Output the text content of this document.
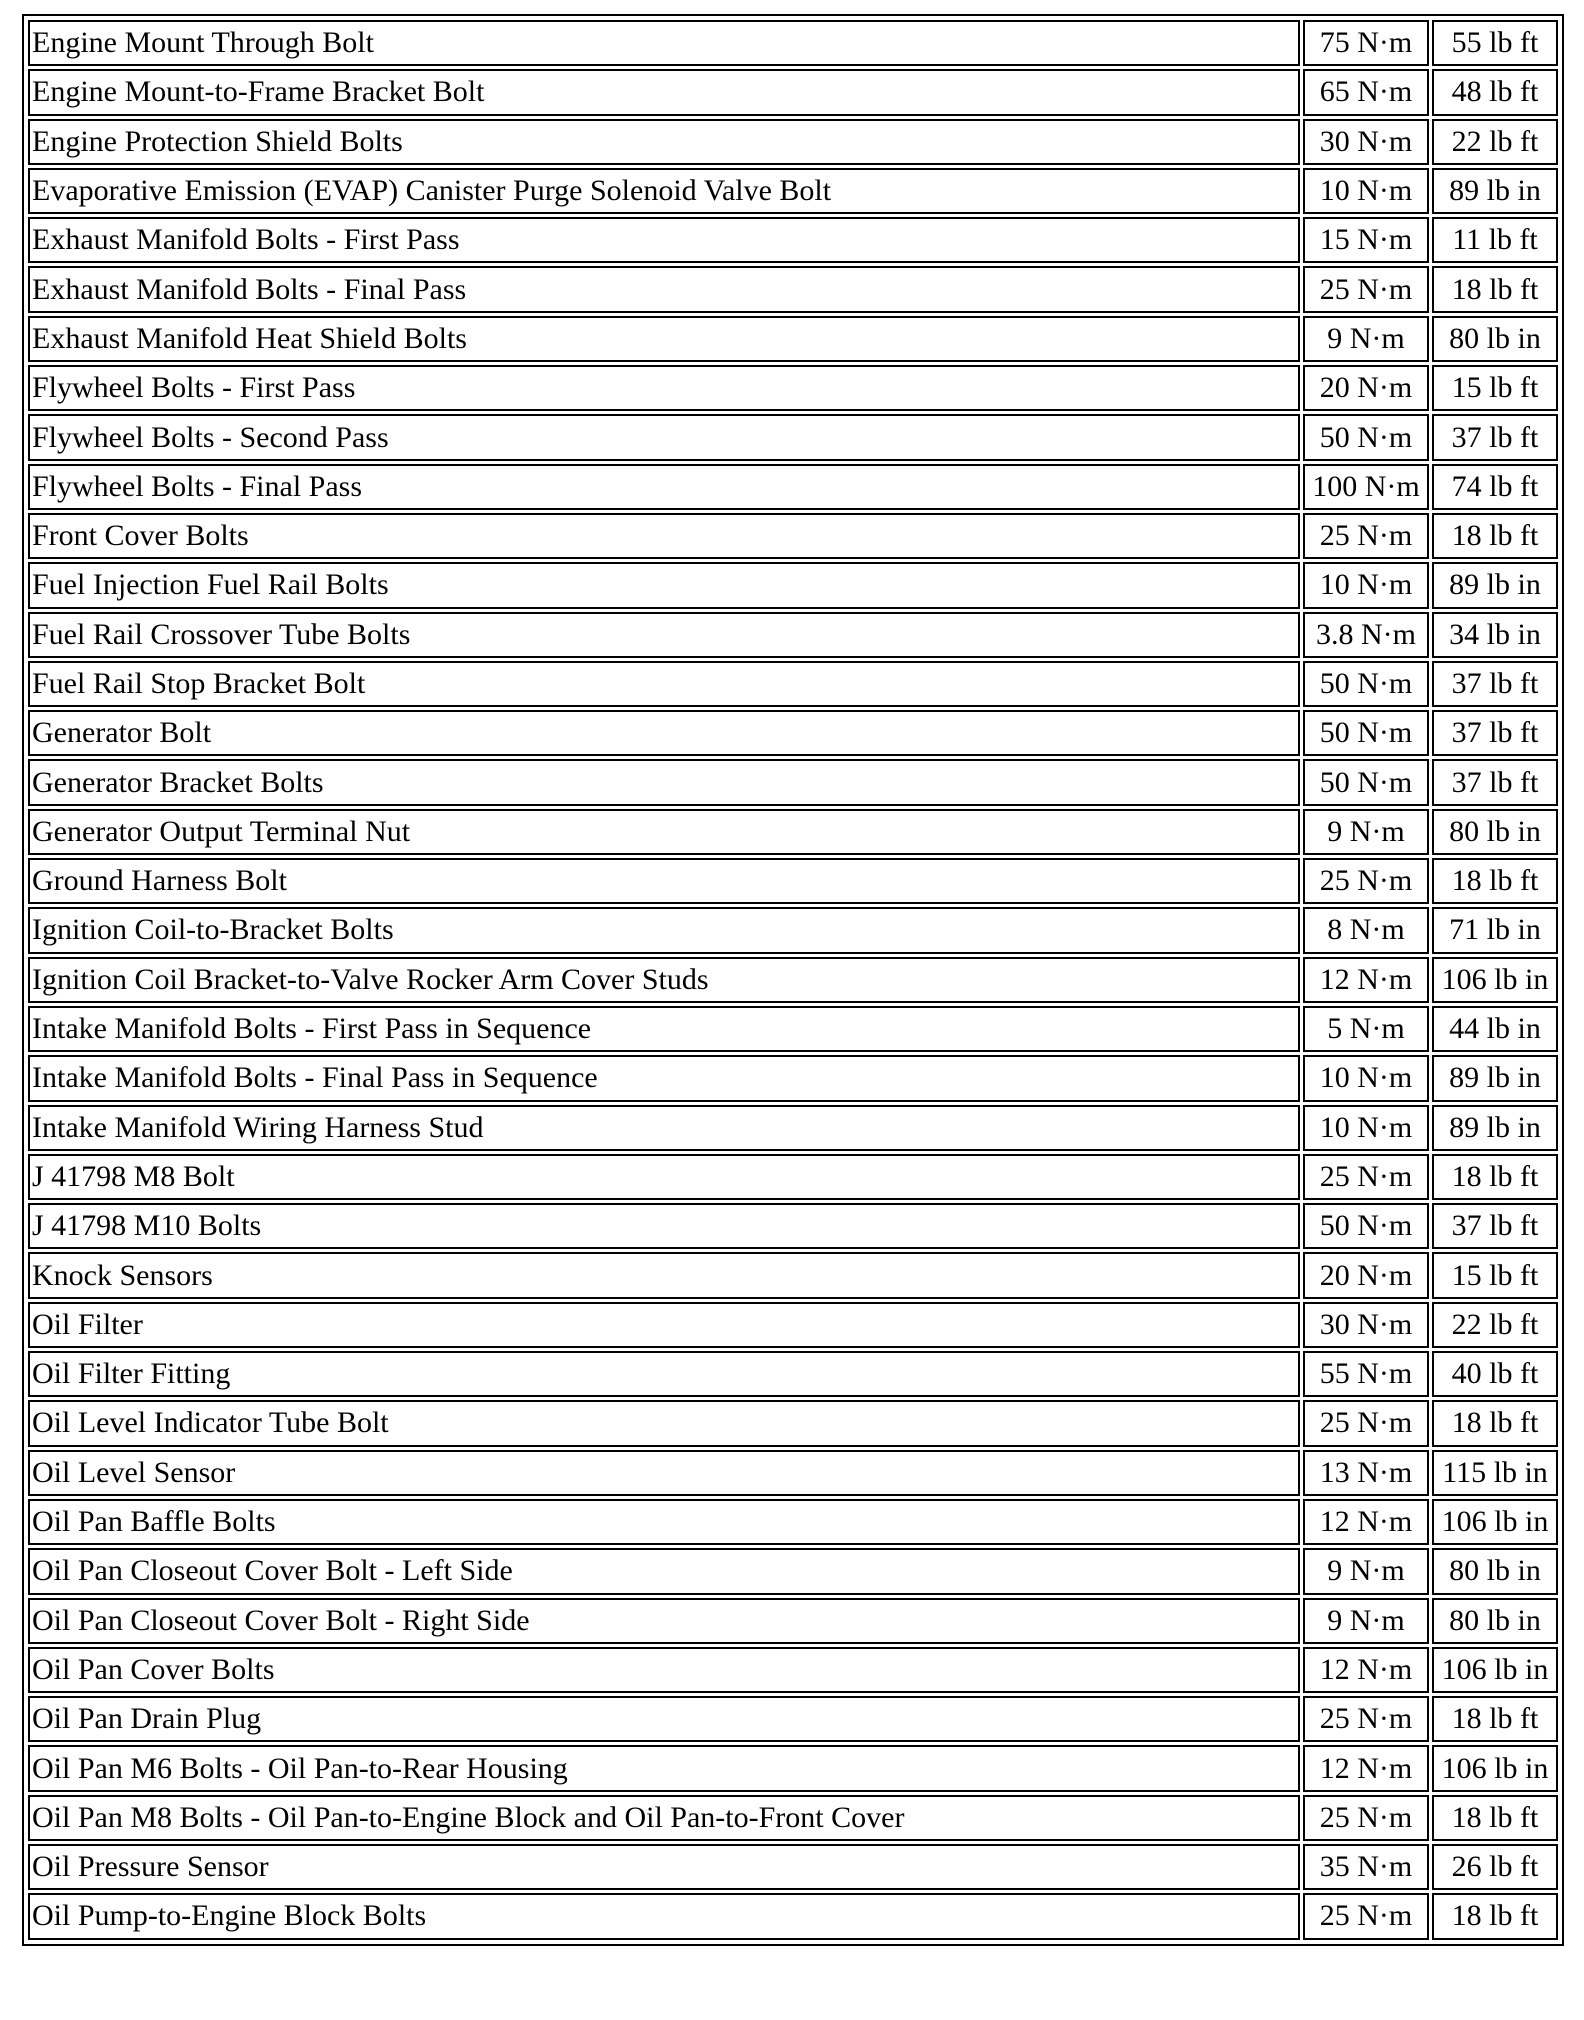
Engine Mount Through Bolt	75 N·m	55 lb ft
Engine Mount-to-Frame Bracket Bolt	65 N·m	48 lb ft
Engine Protection Shield Bolts	30 N·m	22 lb ft
Evaporative Emission (EVAP) Canister Purge Solenoid Valve Bolt	10 N·m	89 lb in
Exhaust Manifold Bolts - First Pass	15 N·m	11 lb ft
Exhaust Manifold Bolts - Final Pass	25 N·m	18 lb ft
Exhaust Manifold Heat Shield Bolts	9 N·m	80 lb in
Flywheel Bolts - First Pass	20 N·m	15 lb ft
Flywheel Bolts - Second Pass	50 N·m	37 lb ft
Flywheel Bolts - Final Pass	100 N·m	74 lb ft
Front Cover Bolts	25 N·m	18 lb ft
Fuel Injection Fuel Rail Bolts	10 N·m	89 lb in
Fuel Rail Crossover Tube Bolts	3.8 N·m	34 lb in
Fuel Rail Stop Bracket Bolt	50 N·m	37 lb ft
Generator Bolt	50 N·m	37 lb ft
Generator Bracket Bolts	50 N·m	37 lb ft
Generator Output Terminal Nut	9 N·m	80 lb in
Ground Harness Bolt	25 N·m	18 lb ft
Ignition Coil-to-Bracket Bolts	8 N·m	71 lb in
Ignition Coil Bracket-to-Valve Rocker Arm Cover Studs	12 N·m	106 lb in
Intake Manifold Bolts - First Pass in Sequence	5 N·m	44 lb in
Intake Manifold Bolts - Final Pass in Sequence	10 N·m	89 lb in
Intake Manifold Wiring Harness Stud	10 N·m	89 lb in
J 41798 M8 Bolt	25 N·m	18 lb ft
J 41798 M10 Bolts	50 N·m	37 lb ft
Knock Sensors	20 N·m	15 lb ft
Oil Filter	30 N·m	22 lb ft
Oil Filter Fitting	55 N·m	40 lb ft
Oil Level Indicator Tube Bolt	25 N·m	18 lb ft
Oil Level Sensor	13 N·m	115 lb in
Oil Pan Baffle Bolts	12 N·m	106 lb in
Oil Pan Closeout Cover Bolt - Left Side	9 N·m	80 lb in
Oil Pan Closeout Cover Bolt - Right Side	9 N·m	80 lb in
Oil Pan Cover Bolts	12 N·m	106 lb in
Oil Pan Drain Plug	25 N·m	18 lb ft
Oil Pan M6 Bolts - Oil Pan-to-Rear Housing	12 N·m	106 lb in
Oil Pan M8 Bolts - Oil Pan-to-Engine Block and Oil Pan-to-Front Cover	25 N·m	18 lb ft
Oil Pressure Sensor	35 N·m	26 lb ft
Oil Pump-to-Engine Block Bolts	25 N·m	18 lb ft
